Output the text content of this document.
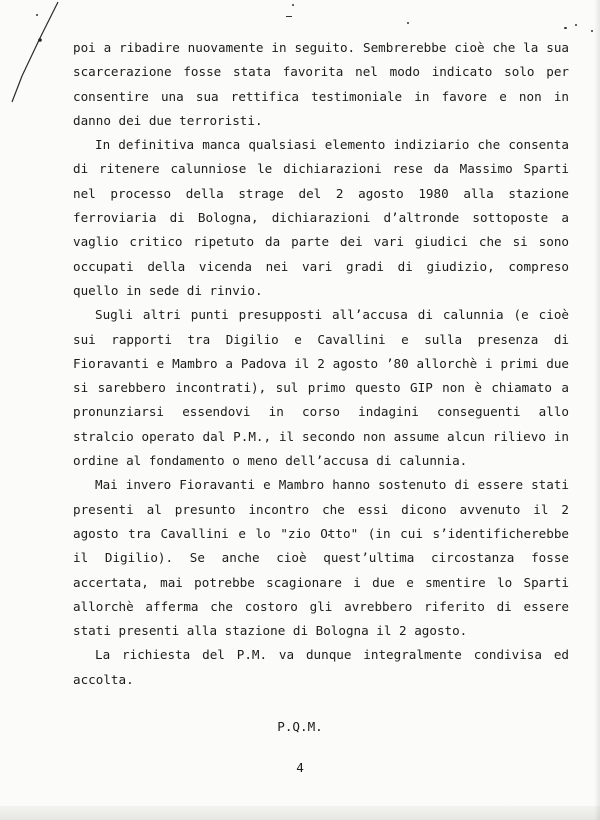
poi a ribadire nuovamente in seguito. Sembrerebbe cioè che la sua scarcerazione fosse stata favorita nel modo indicato solo per consentire una sua rettifica testimoniale in favore e non in danno dei due terroristi.

In definitiva manca qualsiasi elemento indiziario che consenta di ritenere calunniose le dichiarazioni rese da Massimo Sparti nel processo della strage del 2 agosto 1980 alla stazione ferroviaria di Bologna, dichiarazioni d’altronde sottoposte a vaglio critico ripetuto da parte dei vari giudici che si sono occupati della vicenda nei vari gradi di giudizio, compreso quello in sede di rinvio.

Sugli altri punti presupposti all’accusa di calunnia (e cioè sui rapporti tra Digilio e Cavallini e sulla presenza di Fioravanti e Mambro a Padova il 2 agosto ’80 allorchè i primi due si sarebbero incontrati), sul primo questo GIP non è chiamato a pronunziarsi essendovi in corso indagini conseguenti allo stralcio operato dal P.M., il secondo non assume alcun rilievo in ordine al fondamento o meno dell’accusa di calunnia.

Mai invero Fioravanti e Mambro hanno sostenuto di essere stati presenti al presunto incontro che essi dicono avvenuto il 2 agosto tra Cavallini e lo "zio Otto" (in cui s’identificherebbe il Digilio). Se anche cioè quest’ultima circostanza fosse accertata, mai potrebbe scagionare i due e smentire lo Sparti allorchè afferma che costoro gli avrebbero riferito di essere stati presenti alla stazione di Bologna il 2 agosto.

La richiesta del P.M. va dunque integralmente condivisa ed accolta.

P.Q.M.
4
